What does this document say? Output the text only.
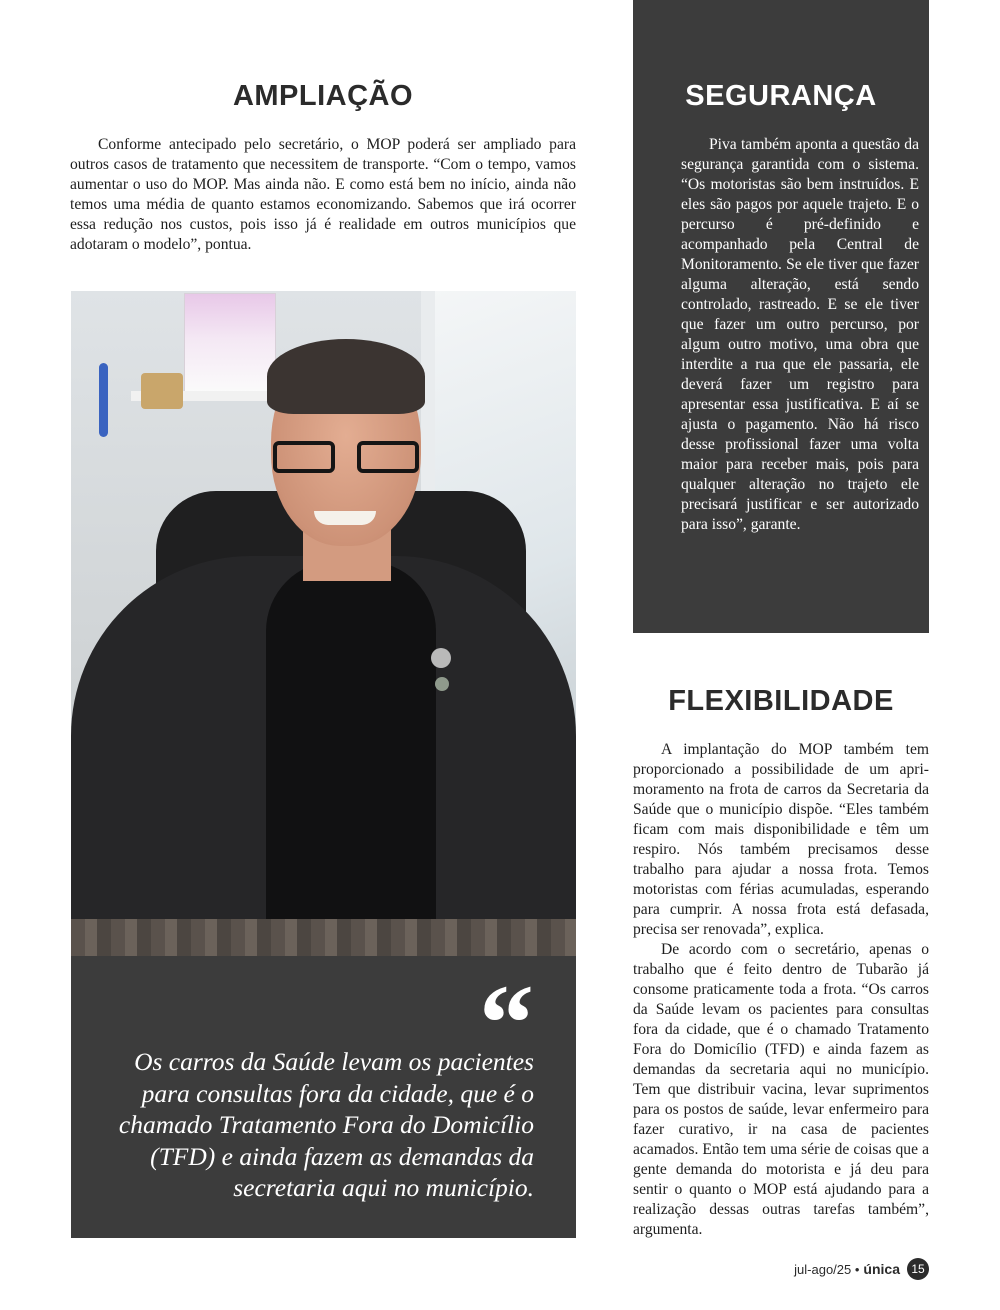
AMPLIAÇÃO

Conforme antecipado pelo secretário, o MOP poderá ser ampliado para outros casos de tratamento que necessitem de transporte. “Com o tempo, vamos aumentar o uso do MOP. Mas ainda não. E como está bem no início, ainda não temos uma média de quanto estamos economizando. Sabemos que irá ocorrer essa redução nos custos, pois isso já é realidade em outros municípios que adotaram o modelo”, pontua.

“

Os carros da Saúde levam os pacientes para consultas fora da cidade, que é o chamado Tratamento Fora do Domicílio (TFD) e ainda fazem as demandas da secretaria aqui no município.

SEGURANÇA

Piva também aponta a questão da segurança garantida com o sistema. “Os motoristas são bem instruídos. E eles são pagos por aquele trajeto. E o percurso é pré-definido e acompanhado pela Central de Monitoramento. Se ele tiver que fazer alguma alteração, está sendo controlado, rastreado. E se ele tiver que fazer um outro percurso, por algum outro motivo, uma obra que interdite a rua que ele passaria, ele deverá fazer um registro para apresentar essa justificativa. E aí se ajusta o pagamento. Não há risco desse profissional fazer uma volta maior para receber mais, pois para qualquer alteração no trajeto ele precisará justificar e ser autorizado para isso”, garante.

FLEXIBILIDADE

A implantação do MOP também tem proporcionado a possibilidade de um aprimoramento na frota de carros da Secretaria da Saúde que o município dispõe. “Eles também ficam com mais disponibilidade e têm um respiro. Nós também precisamos desse trabalho para ajudar a nossa frota. Temos motoristas com férias acumuladas, esperando para cumprir. A nossa frota está defasada, precisa ser renovada”, explica.

De acordo com o secretário, apenas o trabalho que é feito dentro de Tubarão já consome praticamente toda a frota. “Os carros da Saúde levam os pacientes para consultas fora da cidade, que é o chamado Tratamento Fora do Domicílio (TFD) e ainda fazem as demandas da secretaria aqui no município. Tem que distribuir vacina, levar suprimentos para os postos de saúde, levar enfermeiro para fazer curativo, ir na casa de pacientes acamados. Então tem uma série de coisas que a gente demanda do motorista e já deu para sentir o quanto o MOP está ajudando para a realização dessas outras tarefas também”, argumenta.

jul-ago/25 • única 15
